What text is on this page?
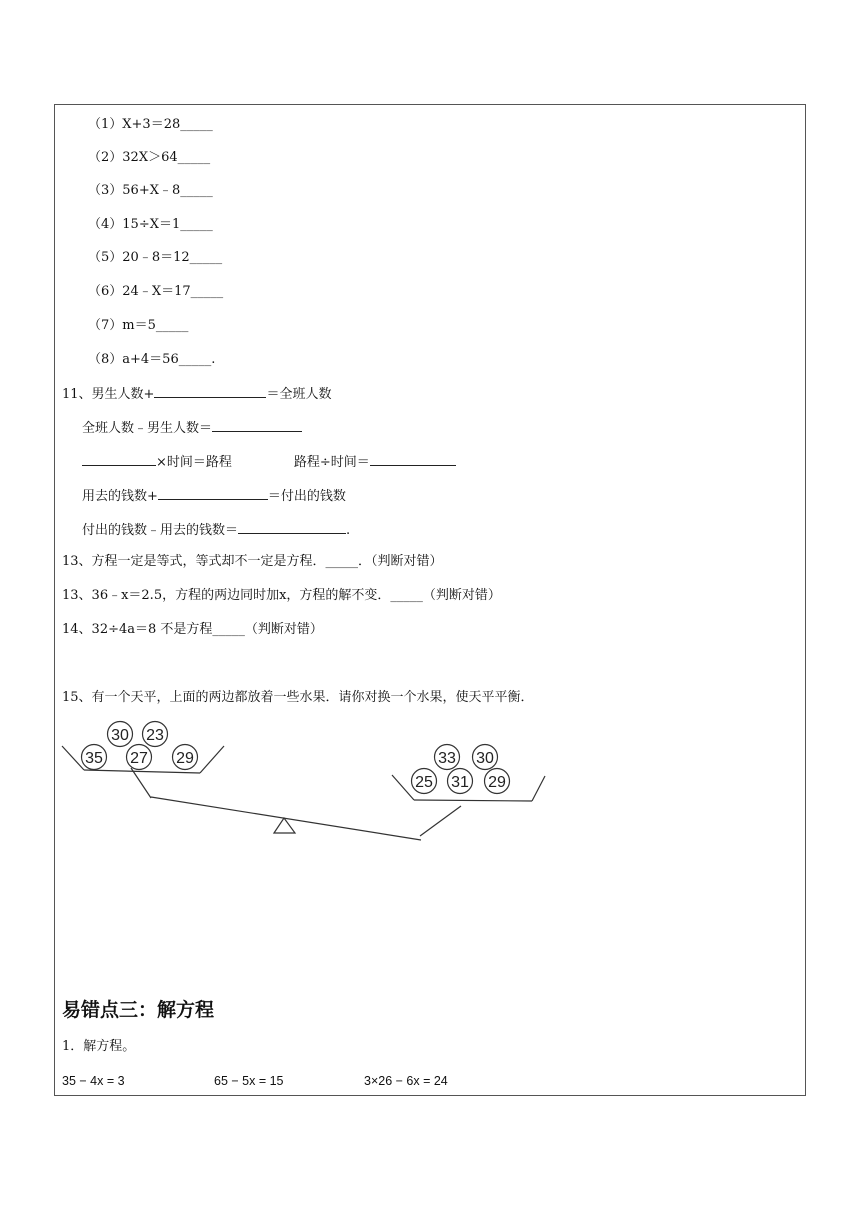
（1）X+3＝28_____
（2）32X＞64_____
（3）56+X﹣8_____
（4）15÷X＝1_____
（5）20﹣8＝12_____
（6）24﹣X＝17_____
（7）m＝5_____
（8）a+4＝56_____.
11、男生人数+	＝全班人数
全班人数﹣男生人数＝
×时间＝路程	路程÷时间＝
用去的钱数+	＝付出的钱数
付出的钱数﹣用去的钱数＝	.
13、方程一定是等式，等式却不一定是方程．_____．（判断对错）
13、36﹣x＝2.5，方程的两边同时加x，方程的解不变．_____（判断对错）
14、32÷4a＝8 不是方程_____（判断对错）
15、有一个天平，上面的两边都放着一些水果．请你对换一个水果，使天平平衡．
30 23
35 27 29	33 30
25 31 29
易错点三：解方程
1．解方程。
35 − 4x = 3	65 − 5x = 15	3×26 − 6x = 24
